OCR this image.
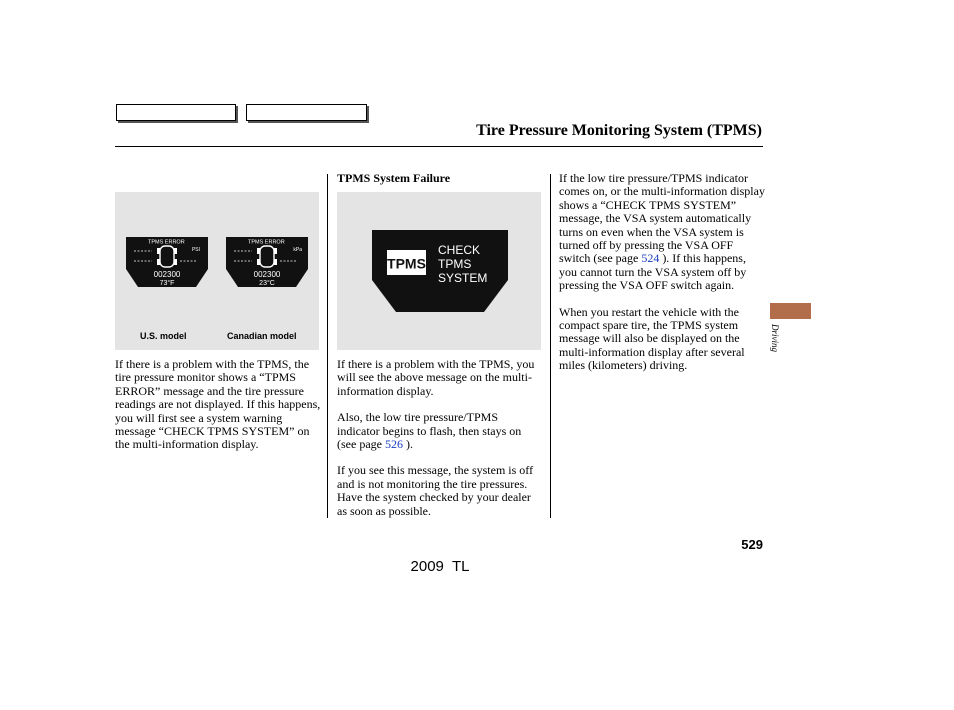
Tire Pressure Monitoring System (TPMS)
TPMS ERROR
PSI
002300
73°F
TPMS ERROR
kPa
002300
23°C
U.S. model	Canadian model

If there is a problem with the TPMS, the tire pressure monitor shows a “TPMS ERROR” message and the tire pressure readings are not displayed. If this happens, you will first see a system warning message “CHECK TPMS SYSTEM” on the multi-information display.

TPMS System Failure
TPMS
CHECK
TPMS
SYSTEM

If there is a problem with the TPMS, you will see the above message on the multi-information display.

Also, the low tire pressure/TPMS indicator begins to flash, then stays on (see page 526 ).

If you see this message, the system is off and is not monitoring the tire pressures. Have the system checked by your dealer as soon as possible.

If the low tire pressure/TPMS indicator comes on, or the multi-information display shows a “CHECK TPMS SYSTEM” message, the VSA system automatically turns on even when the VSA system is turned off by pressing the VSA OFF switch (see page 524 ). If this happens, you cannot turn the VSA system off by pressing the VSA OFF switch again.

When you restart the vehicle with the compact spare tire, the TPMS system message will also be displayed on the multi-information display after several miles (kilometers) driving.

Driving
529
2009  TL
